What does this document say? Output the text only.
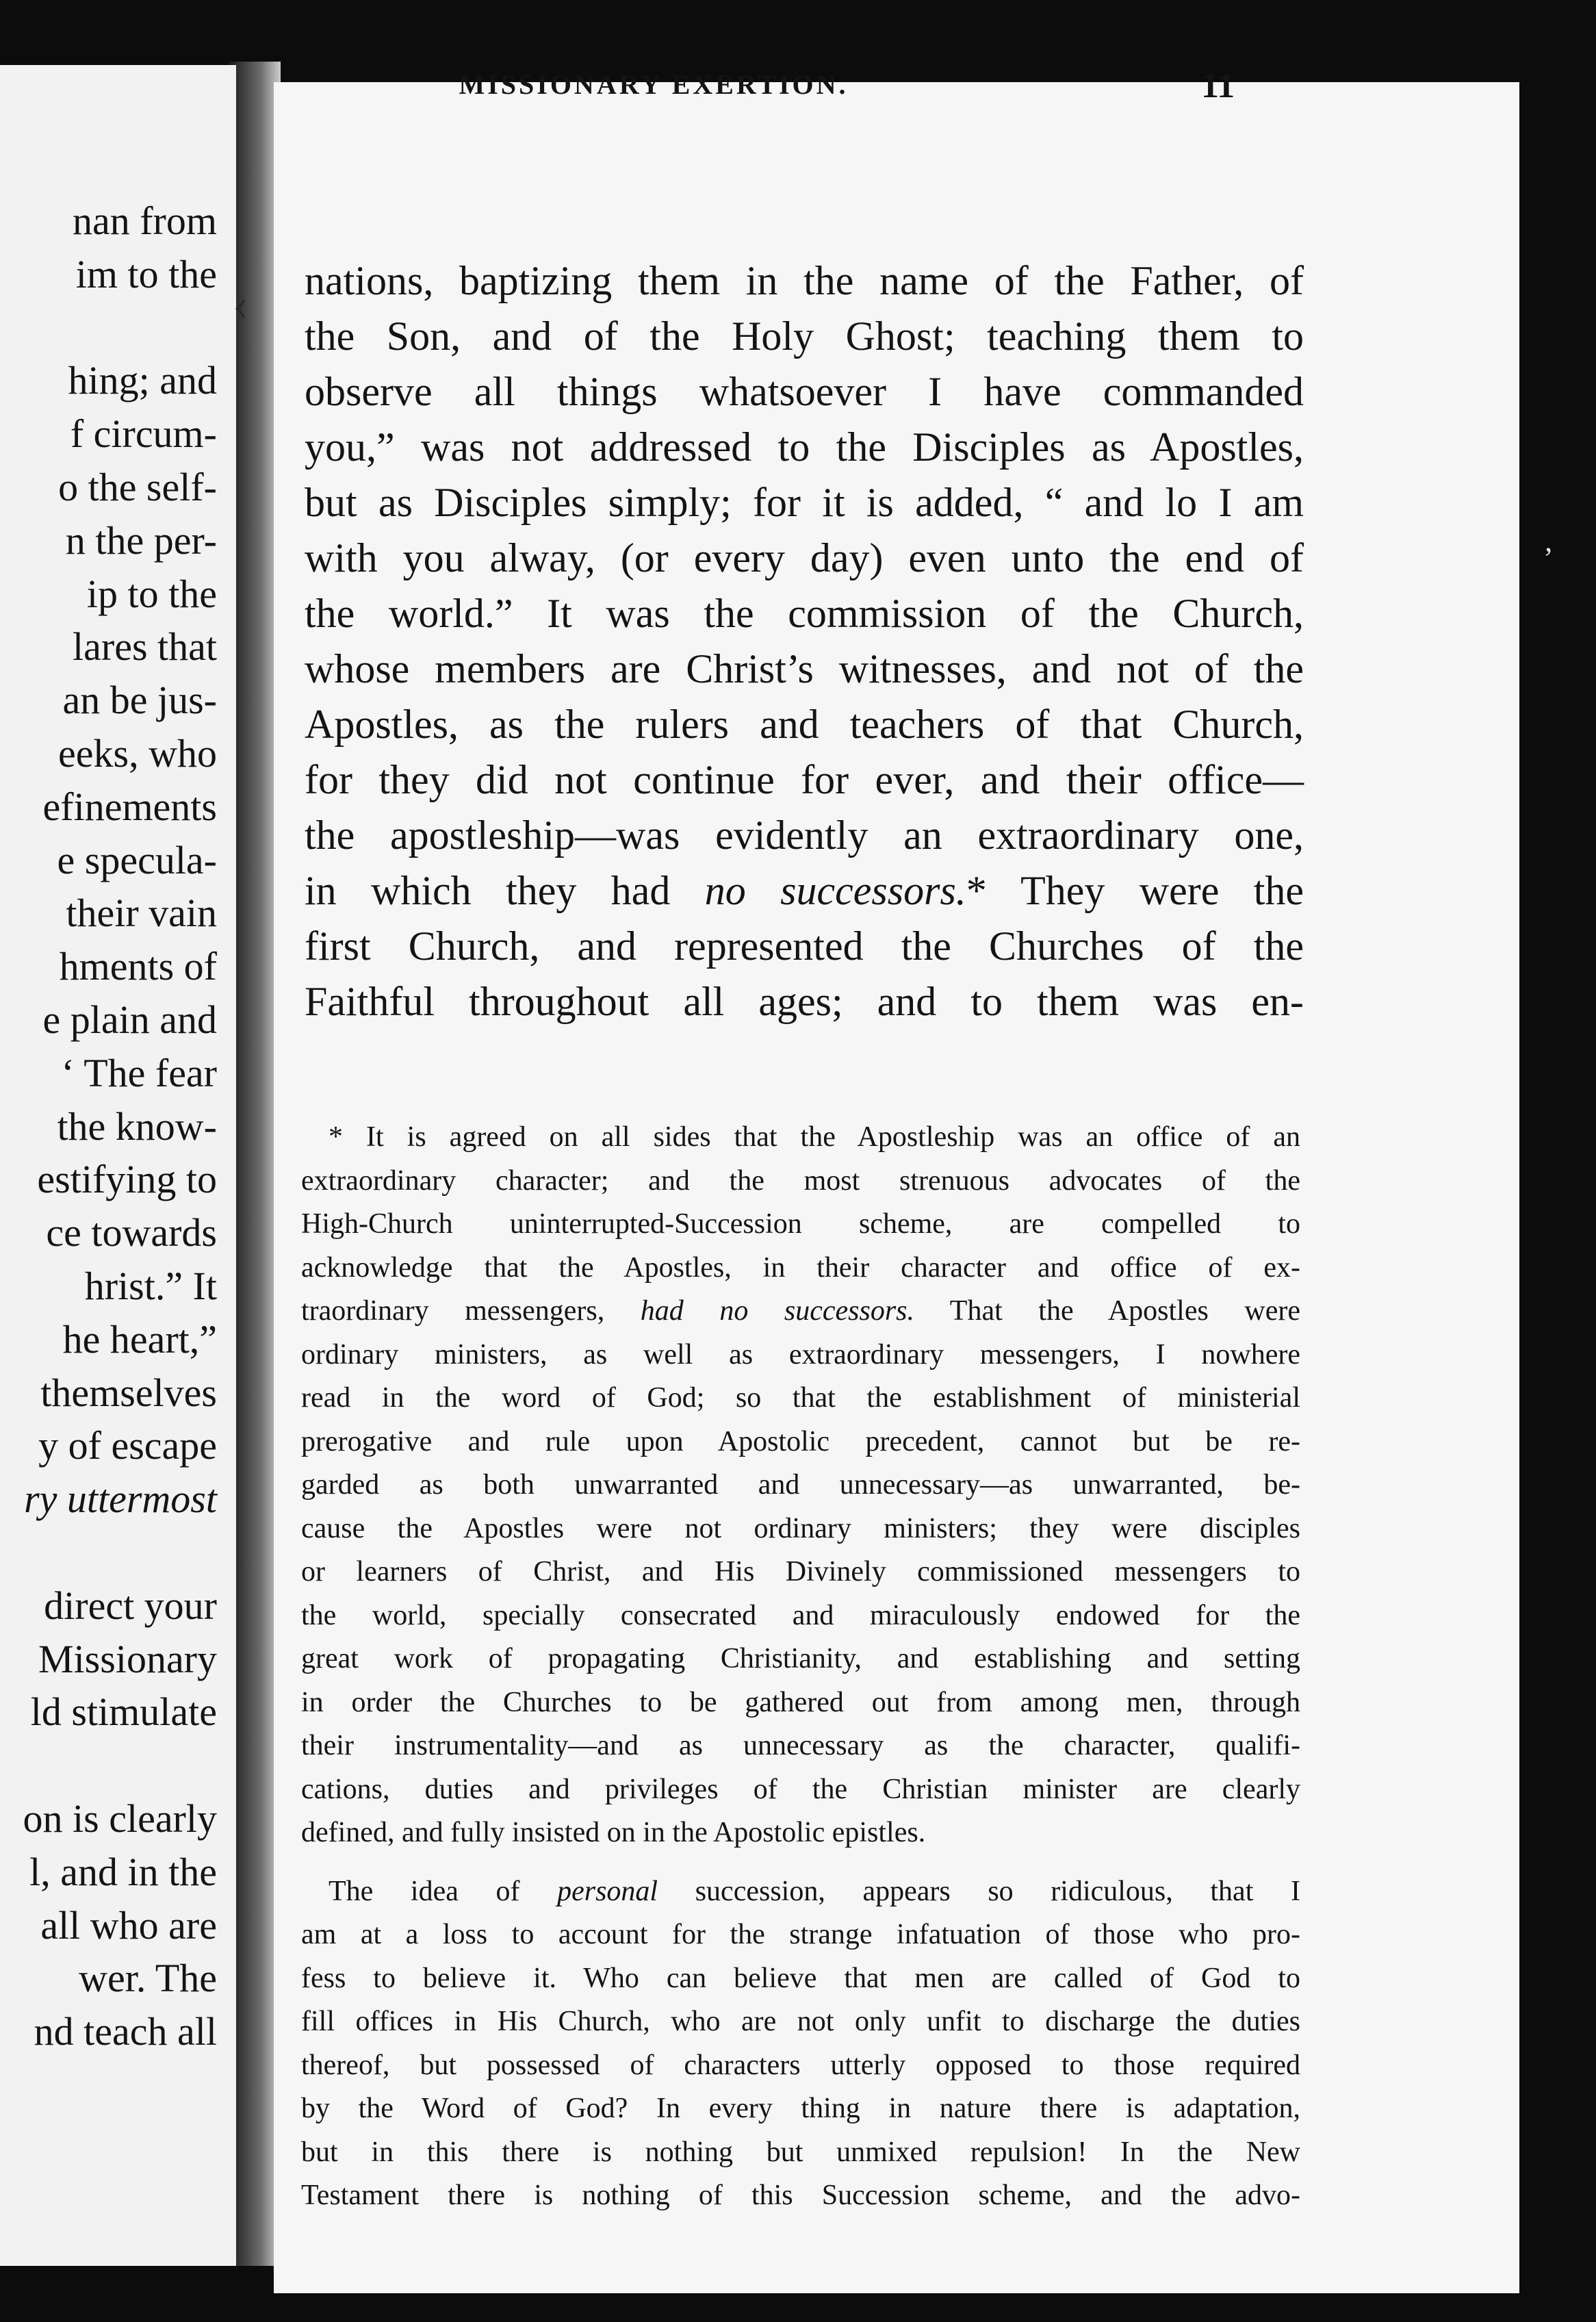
nan from
im to the
hing; and
f circum-
o the self-
n the per-
ip to the
lares that
an be jus-
eeks, who
efinements
e specula-
their vain
hments of
e plain and
‘ The fear
the know-
estifying to
ce towards
hrist.” It
he heart,”
themselves
y of escape
ry uttermost
direct your
Missionary
ld stimulate
on is clearly
l, and in the
all who are
wer. The
nd teach all
MISSIONARY EXERTION.	11
‹
ʼ
nations, baptizing them in the name of the Father, of
the Son, and of the Holy Ghost; teaching them to
observe all things whatsoever I have commanded
you,” was not addressed to the Disciples as Apostles,
but as Disciples simply; for it is added, “ and lo I am
with you alway, (or every day) even unto the end of
the world.” It was the commission of the Church,
whose members are Christ’s witnesses, and not of the
Apostles, as the rulers and teachers of that Church,
for they did not continue for ever, and their office—
the apostleship—was evidently an extraordinary one,
in which they had no successors.* They were the
first Church, and represented the Churches of the
Faithful throughout all ages; and to them was en-
* It is agreed on all sides that the Apostleship was an office of an
extraordinary character; and the most strenuous advocates of the
High-Church uninterrupted-Succession scheme, are compelled to
acknowledge that the Apostles, in their character and office of ex-
traordinary messengers, had no successors. That the Apostles were
ordinary ministers, as well as extraordinary messengers, I nowhere
read in the word of God; so that the establishment of ministerial
prerogative and rule upon Apostolic precedent, cannot but be re-
garded as both unwarranted and unnecessary—as unwarranted, be-
cause the Apostles were not ordinary ministers; they were disciples
or learners of Christ, and His Divinely commissioned messengers to
the world, specially consecrated and miraculously endowed for the
great work of propagating Christianity, and establishing and setting
in order the Churches to be gathered out from among men, through
their instrumentality—and as unnecessary as the character, qualifi-
cations, duties and privileges of the Christian minister are clearly
defined, and fully insisted on in the Apostolic epistles.
The idea of personal succession, appears so ridiculous, that I
am at a loss to account for the strange infatuation of those who pro-
fess to believe it. Who can believe that men are called of God to
fill offices in His Church, who are not only unfit to discharge the duties
thereof, but possessed of characters utterly opposed to those required
by the Word of God? In every thing in nature there is adaptation,
but in this there is nothing but unmixed repulsion! In the New
Testament there is nothing of this Succession scheme, and the advo-
